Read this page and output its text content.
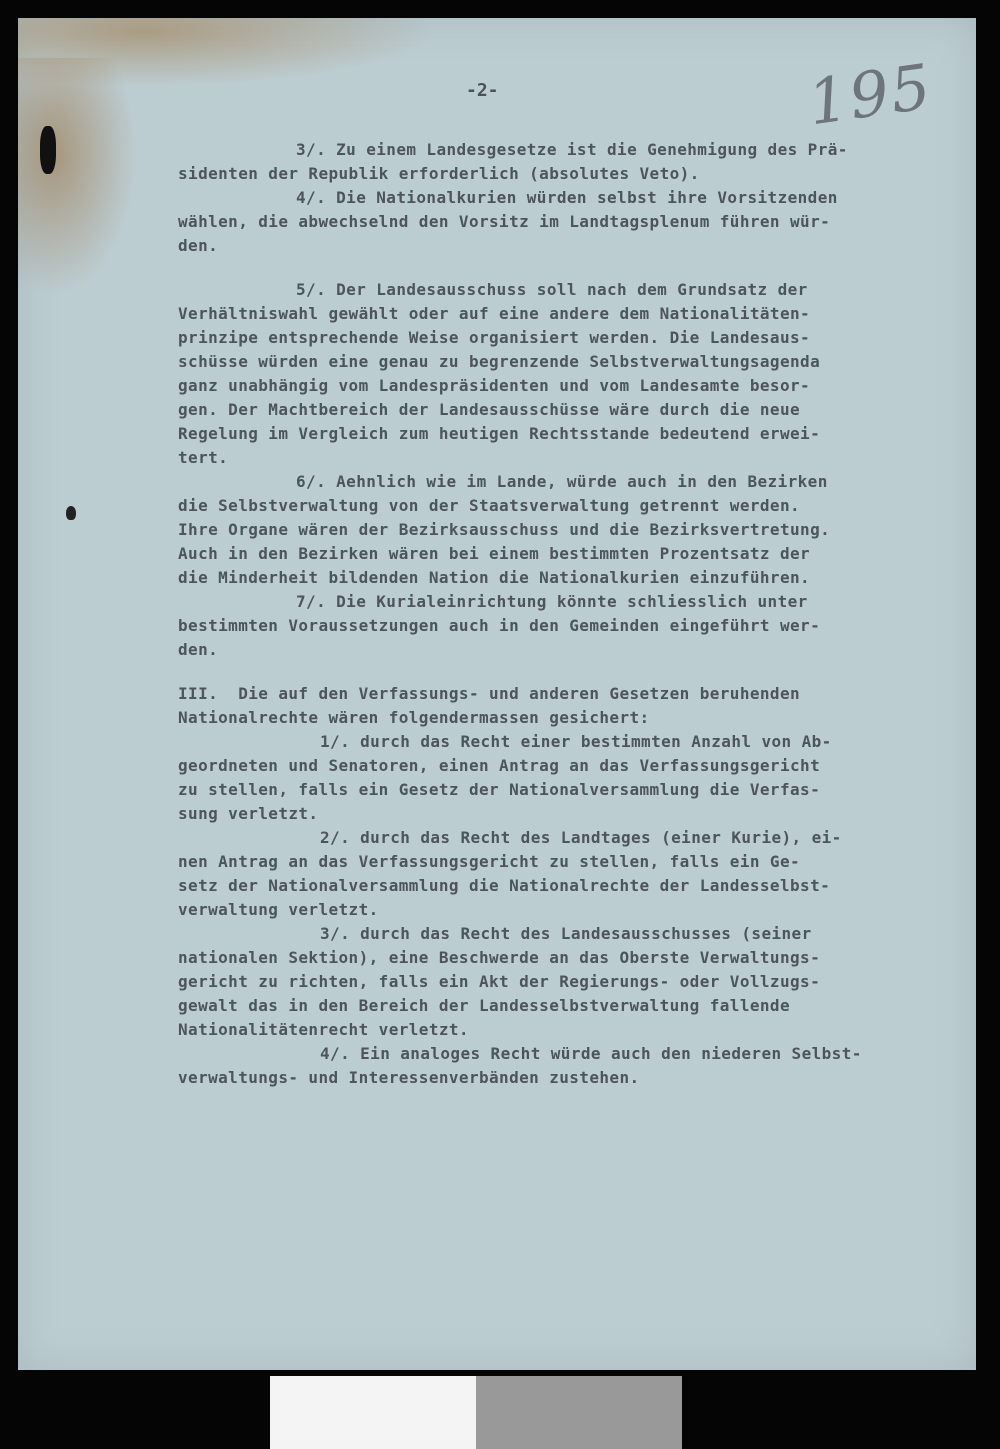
-2-	195
3/. Zu einem Landesgesetze ist die Genehmigung des Prä-
sidenten der Republik erforderlich (absolutes Veto).
4/. Die Nationalkurien würden selbst ihre Vorsitzenden
wählen, die abwechselnd den Vorsitz im Landtagsplenum führen wür-
den.
5/. Der Landesausschuss soll nach dem Grundsatz der
Verhältniswahl gewählt oder auf eine andere dem Nationalitäten-
prinzipe entsprechende Weise organisiert werden. Die Landesaus-
schüsse würden eine genau zu begrenzende Selbstverwaltungsagenda
ganz unabhängig vom Landespräsidenten und vom Landesamte besor-
gen. Der Machtbereich der Landesausschüsse wäre durch die neue
Regelung im Vergleich zum heutigen Rechtsstande bedeutend erwei-
tert.
6/. Aehnlich wie im Lande, würde auch in den Bezirken
die Selbstverwaltung von der Staatsverwaltung getrennt werden.
Ihre Organe wären der Bezirksausschuss und die Bezirksvertretung.
Auch in den Bezirken wären bei einem bestimmten Prozentsatz der
die Minderheit bildenden Nation die Nationalkurien einzuführen.
7/. Die Kurialeinrichtung könnte schliesslich unter
bestimmten Voraussetzungen auch in den Gemeinden eingeführt wer-
den.
III.  Die auf den Verfassungs- und anderen Gesetzen beruhenden
Nationalrechte wären folgendermassen gesichert:
1/. durch das Recht einer bestimmten Anzahl von Ab-
geordneten und Senatoren, einen Antrag an das Verfassungsgericht
zu stellen, falls ein Gesetz der Nationalversammlung die Verfas-
sung verletzt.
2/. durch das Recht des Landtages (einer Kurie), ei-
nen Antrag an das Verfassungsgericht zu stellen, falls ein Ge-
setz der Nationalversammlung die Nationalrechte der Landesselbst-
verwaltung verletzt.
3/. durch das Recht des Landesausschusses (seiner
nationalen Sektion), eine Beschwerde an das Oberste Verwaltungs-
gericht zu richten, falls ein Akt der Regierungs- oder Vollzugs-
gewalt das in den Bereich der Landesselbstverwaltung fallende
Nationalitätenrecht verletzt.
4/. Ein analoges Recht würde auch den niederen Selbst-
verwaltungs- und Interessenverbänden zustehen.
